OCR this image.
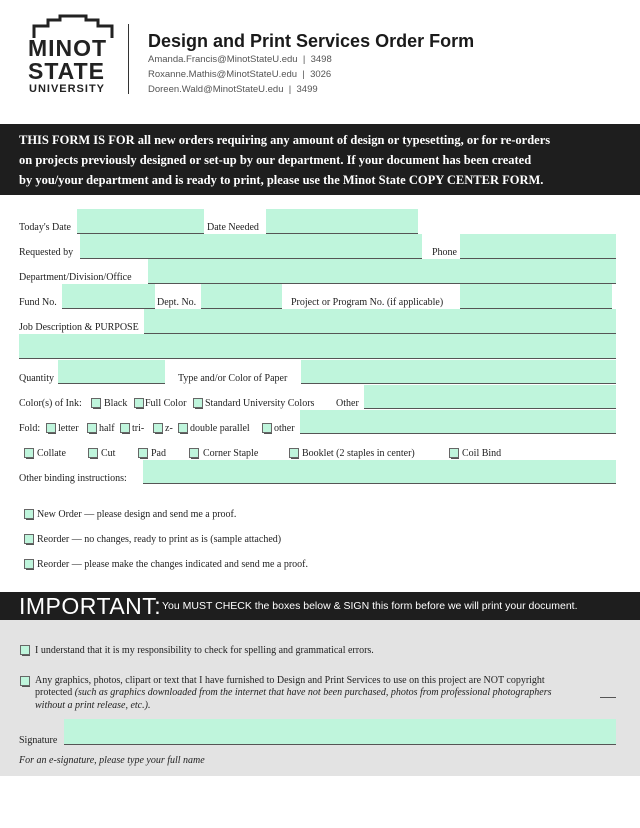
MINOT
STATE
UNIVERSITY
Design and Print Services Order Form
Amanda.Francis@MinotStateU.edu  |  3498
Roxanne.Mathis@MinotStateU.edu  |  3026
Doreen.Wald@MinotStateU.edu  |  3499
THIS FORM IS FOR all new orders requiring any amount of design or typesetting, or for re-orders
on projects previously designed or set-up by our department. If your document has been created
by you/your department and is ready to print, please use the Minot State COPY CENTER FORM.
Today's Date	Date Needed
Requested by	Phone
Department/Division/Office
Fund No.	Dept. No.	Project or Program No. (if applicable)
Job Description & PURPOSE
Quantity	Type and/or Color of Paper
Color(s) of Ink: Black Full Color Standard University Colors Other
Fold: letter half tri- z- double parallel other
Collate	Cut	Pad	Corner Staple	Booklet (2 staples in center)	Coil Bind
Other binding instructions:
New Order — please design and send me a proof.
Reorder — no changes, ready to print as is (sample attached)
Reorder — please make the changes indicated and send me a proof.
IMPORTANT: You MUST CHECK the boxes below & SIGN this form before we will print your document.
I understand that it is my responsibility to check for spelling and grammatical errors.
Any graphics, photos, clipart or text that I have furnished to Design and Print Services to use on this project are NOT copyright
protected (such as graphics downloaded from the internet that have not been purchased, photos from professional photographers
without a print release, etc.).
Signature
For an e-signature, please type your full name
